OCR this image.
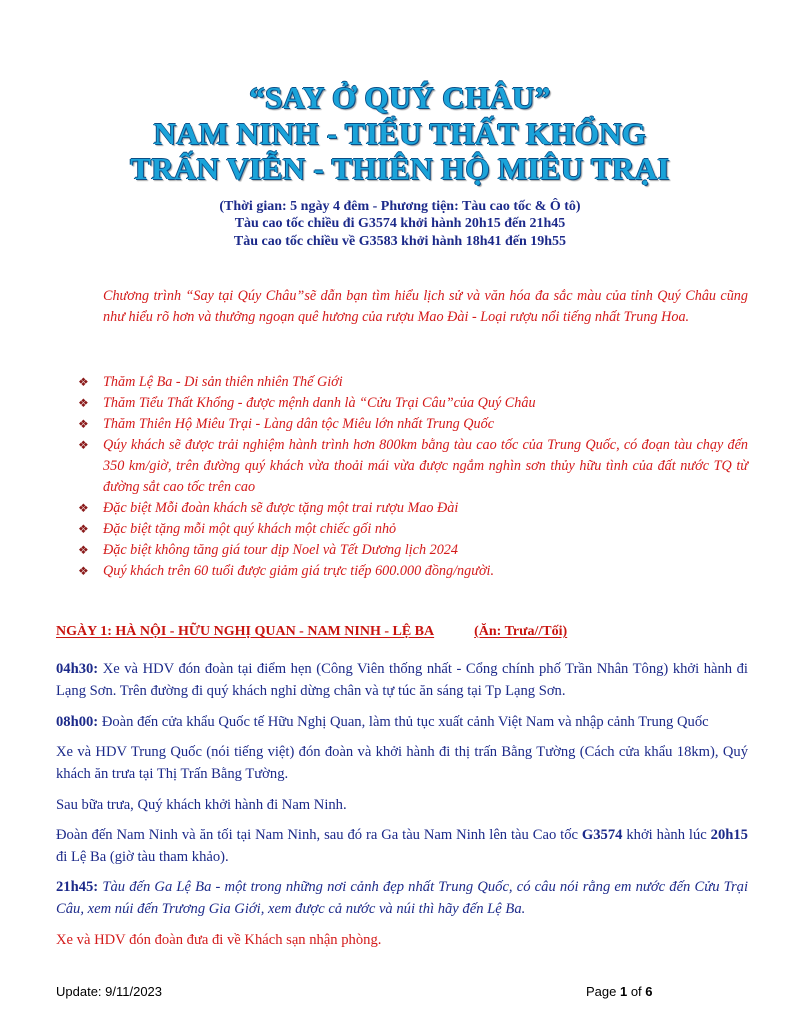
“SAY Ở QUÝ CHÂU”
NAM NINH - TIỂU THẤT KHỔNG
TRẤN VIỄN - THIÊN HỘ MIÊU TRẠI
(Thời gian: 5 ngày 4 đêm - Phương tiện: Tàu cao tốc & Ô tô)
Tàu cao tốc chiều đi G3574 khởi hành 20h15 đến 21h45
Tàu cao tốc chiều về G3583 khởi hành 18h41 đến 19h55
Chương trình “Say tại Qúy Châu”sẽ dẫn bạn tìm hiểu lịch sử và văn hóa đa sắc màu của tỉnh Quý Châu cũng như hiểu rõ hơn và thưởng ngoạn quê hương của rượu Mao Đài - Loại rượu nổi tiếng nhất Trung Hoa.
❖ Thăm Lệ Ba - Di sản thiên nhiên Thế Giới
❖ Thăm Tiểu Thất Khổng - được mệnh danh là “Cửu Trại Câu”của Quý Châu
❖ Thăm Thiên Hộ Miêu Trại - Làng dân tộc Miêu lớn nhất Trung Quốc
❖ Qúy khách sẽ được trải nghiệm hành trình hơn 800km bằng tàu cao tốc của Trung Quốc, có đoạn tàu chạy đến 350 km/giờ, trên đường quý khách vừa thoải mái vừa được ngắm nghìn sơn thủy hữu tình của đất nước TQ từ đường sắt cao tốc trên cao
❖ Đặc biệt Mỗi đoàn khách sẽ được tặng một trai rượu Mao Đài
❖ Đặc biệt tặng mỗi một quý khách một chiếc gối nhỏ
❖ Đặc biệt không tăng giá tour dịp Noel và Tết Dương lịch 2024
❖ Quý khách trên 60 tuổi được giảm giá trực tiếp 600.000 đồng/người.
NGÀY 1: HÀ NỘI - HỮU NGHỊ QUAN - NAM NINH - LỆ BA	(Ăn: Trưa//Tối)
04h30: Xe và HDV đón đoàn tại điểm hẹn (Công Viên thống nhất - Cổng chính phố Trần Nhân Tông) khởi hành đi Lạng Sơn. Trên đường đi quý khách nghỉ dừng chân và tự túc ăn sáng tại Tp Lạng Sơn.
08h00: Đoàn đến cửa khẩu Quốc tế Hữu Nghị Quan, làm thủ tục xuất cảnh Việt Nam và nhập cảnh Trung Quốc
Xe và HDV Trung Quốc (nói tiếng việt) đón đoàn và khởi hành đi thị trấn Bằng Tường (Cách cửa khẩu 18km), Quý khách ăn trưa tại Thị Trấn Bằng Tường.
Sau bữa trưa, Quý khách khởi hành đi Nam Ninh.
Đoàn đến Nam Ninh và ăn tối tại Nam Ninh, sau đó ra Ga tàu Nam Ninh lên tàu Cao tốc G3574 khởi hành lúc 20h15 đi Lệ Ba (giờ tàu tham khảo).
21h45: Tàu đến Ga Lệ Ba - một trong những nơi cảnh đẹp nhất Trung Quốc, có câu nói rằng em nước đến Cửu Trại Câu, xem núi đến Trương Gia Giới, xem được cả nước và núi thì hãy đến Lệ Ba.
Xe và HDV đón đoàn đưa đi về Khách sạn nhận phòng.
Update: 9/11/2023	Page 1 of 6
